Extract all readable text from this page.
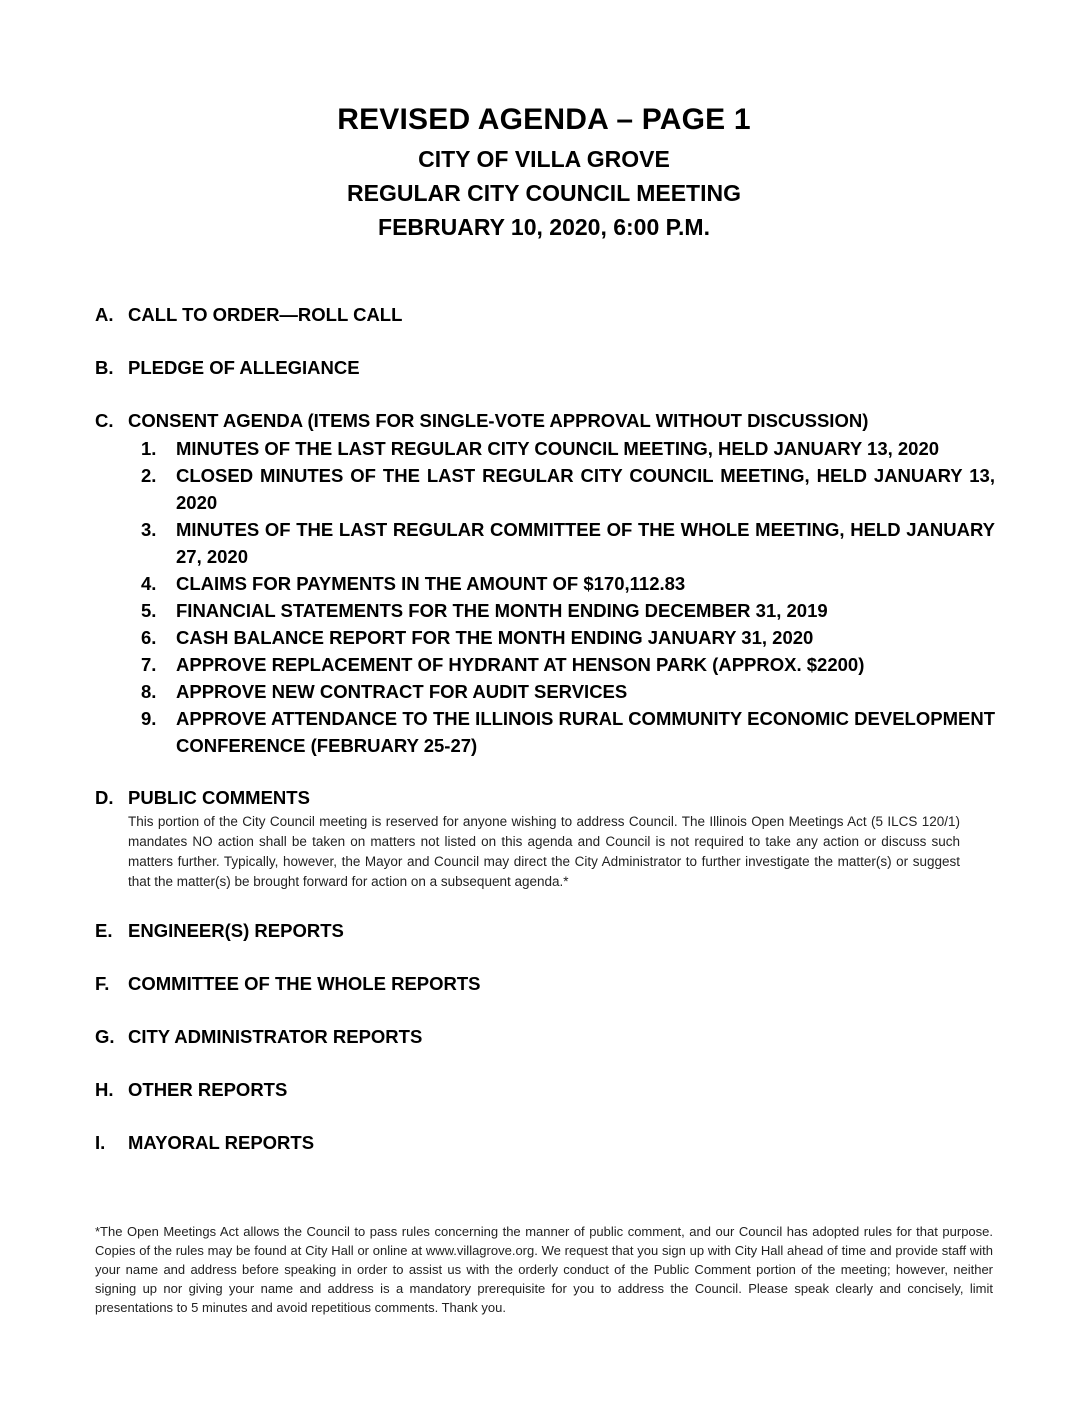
REVISED AGENDA – PAGE 1
CITY OF VILLA GROVE
REGULAR CITY COUNCIL MEETING
FEBRUARY 10, 2020, 6:00 P.M.
A. CALL TO ORDER—ROLL CALL
B. PLEDGE OF ALLEGIANCE
C. CONSENT AGENDA (ITEMS FOR SINGLE-VOTE APPROVAL WITHOUT DISCUSSION)
1.	MINUTES OF THE LAST REGULAR CITY COUNCIL MEETING, HELD JANUARY 13, 2020
2.	CLOSED MINUTES OF THE LAST REGULAR CITY COUNCIL MEETING, HELD JANUARY 13, 2020
3.	MINUTES OF THE LAST REGULAR COMMITTEE OF THE WHOLE MEETING, HELD JANUARY 27, 2020
4.	CLAIMS FOR PAYMENTS IN THE AMOUNT OF $170,112.83
5.	FINANCIAL STATEMENTS FOR THE MONTH ENDING DECEMBER 31, 2019
6.	CASH BALANCE REPORT FOR THE MONTH ENDING JANUARY 31, 2020
7.	APPROVE REPLACEMENT OF HYDRANT AT HENSON PARK (APPROX. $2200)
8.	APPROVE NEW CONTRACT FOR AUDIT SERVICES
9.	APPROVE ATTENDANCE TO THE ILLINOIS RURAL COMMUNITY ECONOMIC DEVELOPMENT CONFERENCE (FEBRUARY 25-27)
D. PUBLIC COMMENTS
This portion of the City Council meeting is reserved for anyone wishing to address Council. The Illinois Open Meetings Act (5 ILCS 120/1) mandates NO action shall be taken on matters not listed on this agenda and Council is not required to take any action or discuss such matters further. Typically, however, the Mayor and Council may direct the City Administrator to further investigate the matter(s) or suggest that the matter(s) be brought forward for action on a subsequent agenda.*
E. ENGINEER(S) REPORTS
F.	COMMITTEE OF THE WHOLE REPORTS
G. CITY ADMINISTRATOR REPORTS
H. OTHER REPORTS
I.	MAYORAL REPORTS
*The Open Meetings Act allows the Council to pass rules concerning the manner of public comment, and our Council has adopted rules for that purpose. Copies of the rules may be found at City Hall or online at www.villagrove.org. We request that you sign up with City Hall ahead of time and provide staff with your name and address before speaking in order to assist us with the orderly conduct of the Public Comment portion of the meeting; however, neither signing up nor giving your name and address is a mandatory prerequisite for you to address the Council. Please speak clearly and concisely, limit presentations to 5 minutes and avoid repetitious comments. Thank you.
